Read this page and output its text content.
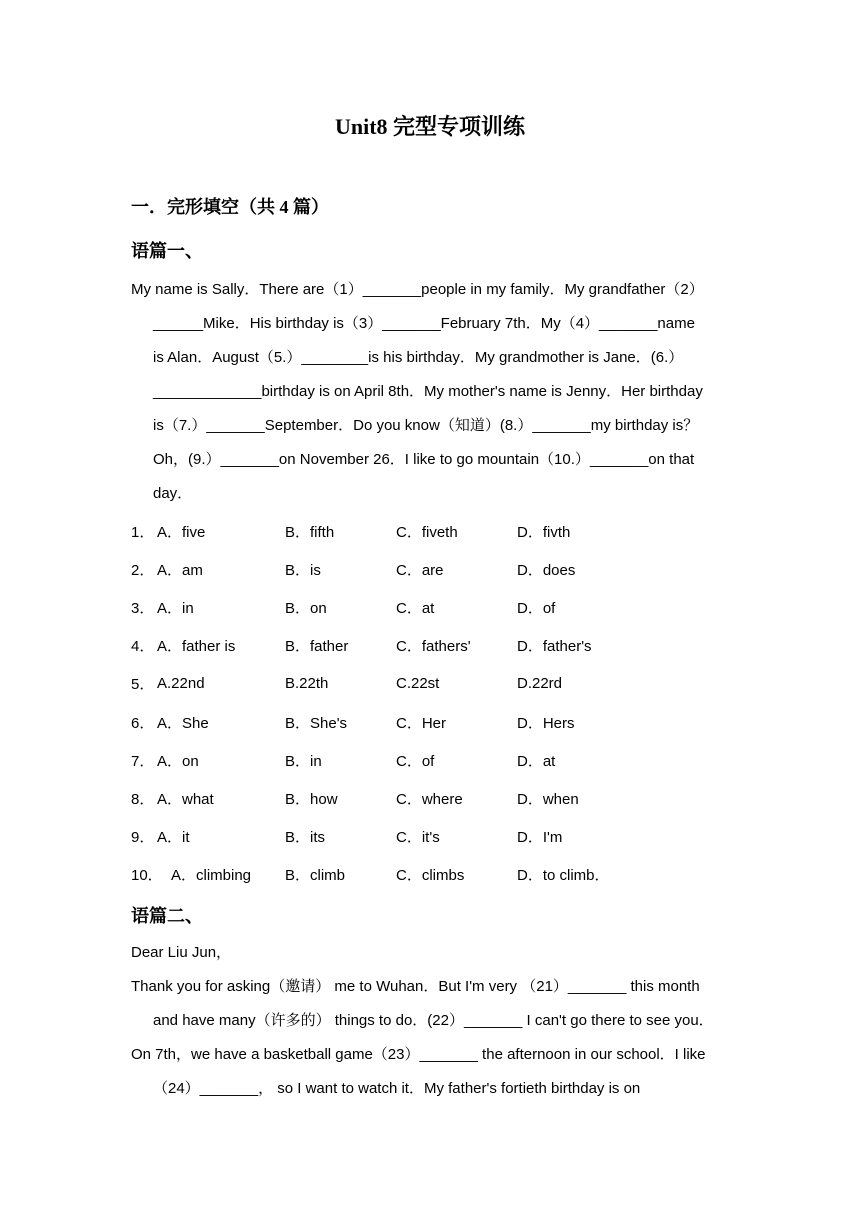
Unit8 完型专项训练
一．完形填空（共 4 篇）
语篇一、

My name is Sally．There are（1）_______people in my family．My grandfather（2）
______Mike．His birthday is（3）_______February 7th．My（4）_______name
is Alan．August（5.）________is his birthday．My grandmother is Jane．(6.）
_____________birthday is on April 8th．My mother's name is Jenny．Her birthday
is（7.）_______September．Do you know（知道）(8.）_______my birthday is？
Oh，(9.）_______on November 26．I like to go mountain（10.）_______on that
day．

1． A．five	B．fifth	C．fiveth	D．fivth
2． A．am	B．is	C．are	D．does
3． A．in	B．on	C．at	D．of
4． A．father is	B．father	C．fathers'	D．father's
5． A.22nd	B.22th	C.22st	D.22rd
6． A．She	B．She's	C．Her	D．Hers
7． A．on	B．in	C．of	D．at
8． A．what	B．how	C．where	D．when
9． A．it	B．its	C．it's	D．I'm
10． A．climbing B．climb	C．climbs	D．to climb．
语篇二、

Dear Liu Jun，
Thank you for asking（邀请） me to Wuhan．But I'm very （21）_______ this month
and have many（许多的） things to do．(22）_______ I can't go there to see you．
On 7th，we have a basketball game（23）_______ the afternoon in our school．I like
（24）_______， so I want to watch it．My father's fortieth birthday is on
